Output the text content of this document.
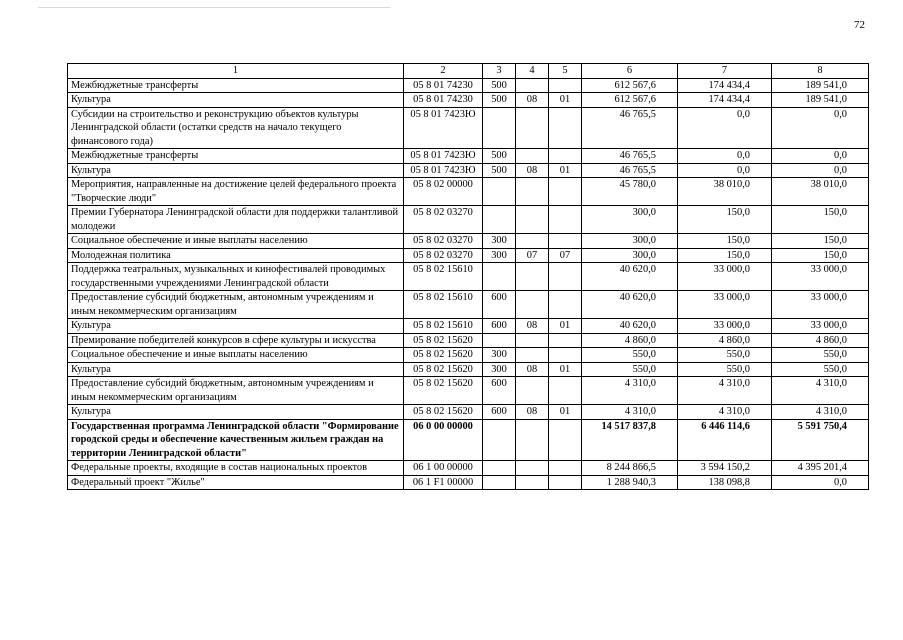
72
1	2	3	4	5	6	7	8
Межбюджетные трансферты	05 8 01 74230	500			612 567,6	174 434,4	189 541,0
Культура	05 8 01 74230	500	08	01	612 567,6	174 434,4	189 541,0
Субсидии на строительство и реконструкцию объектов культуры Ленинградской области (остатки средств на начало текущего финансового года)	05 8 01 7423Ю				46 765,5	0,0	0,0
Межбюджетные трансферты	05 8 01 7423Ю	500			46 765,5	0,0	0,0
Культура	05 8 01 7423Ю	500	08	01	46 765,5	0,0	0,0
Мероприятия, направленные на достижение целей федерального проекта "Творческие люди"	05 8 02 00000				45 780,0	38 010,0	38 010,0
Премии Губернатора Ленинградской области для поддержки талантливой молодежи	05 8 02 03270				300,0	150,0	150,0
Социальное обеспечение и иные выплаты населению	05 8 02 03270	300			300,0	150,0	150,0
Молодежная политика	05 8 02 03270	300	07	07	300,0	150,0	150,0
Поддержка театральных, музыкальных и кинофестивалей проводимых государственными учреждениями Ленинградской области	05 8 02 15610				40 620,0	33 000,0	33 000,0
Предоставление субсидий бюджетным, автономным учреждениям и иным некоммерческим организациям	05 8 02 15610	600			40 620,0	33 000,0	33 000,0
Культура	05 8 02 15610	600	08	01	40 620,0	33 000,0	33 000,0
Премирование победителей конкурсов в сфере культуры и искусства	05 8 02 15620				4 860,0	4 860,0	4 860,0
Социальное обеспечение и иные выплаты населению	05 8 02 15620	300			550,0	550,0	550,0
Культура	05 8 02 15620	300	08	01	550,0	550,0	550,0
Предоставление субсидий бюджетным, автономным учреждениям и иным некоммерческим организациям	05 8 02 15620	600			4 310,0	4 310,0	4 310,0
Культура	05 8 02 15620	600	08	01	4 310,0	4 310,0	4 310,0
Государственная программа Ленинградской области "Формирование городской среды и обеспечение качественным жильем граждан на территории Ленинградской области"	06 0 00 00000				14 517 837,8	6 446 114,6	5 591 750,4
Федеральные проекты, входящие в состав национальных проектов	06 1 00 00000				8 244 866,5	3 594 150,2	4 395 201,4
Федеральный проект "Жилье"	06 1 F1 00000				1 288 940,3	138 098,8	0,0
